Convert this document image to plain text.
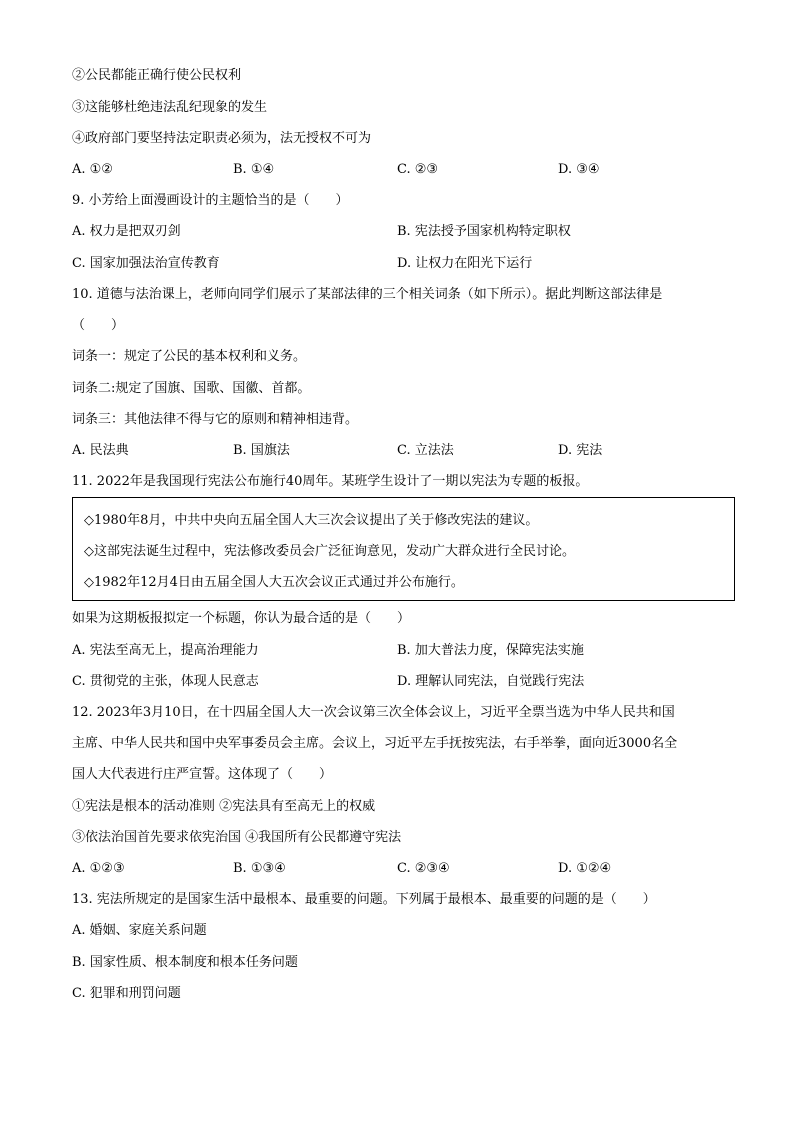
②公民都能正确行使公民权利
③这能够杜绝违法乱纪现象的发生
④政府部门要坚持法定职责必须为，法无授权不可为
A. ①②	B. ①④	C. ②③	D. ③④
9. 小芳给上面漫画设计的主题恰当的是（　　）
A. 权力是把双刃剑	B. 宪法授予国家机构特定职权
C. 国家加强法治宣传教育	D. 让权力在阳光下运行
10. 道德与法治课上，老师向同学们展示了某部法律的三个相关词条（如下所示）。据此判断这部法律是
（　　）
词条一：规定了公民的基本权利和义务。
词条二:规定了国旗、国歌、国徽、首都。
词条三：其他法律不得与它的原则和精神相违背。
A. 民法典	B. 国旗法	C. 立法法	D. 宪法
11. 2022年是我国现行宪法公布施行40周年。某班学生设计了一期以宪法为专题的板报。
◇1980年8月，中共中央向五届全国人大三次会议提出了关于修改宪法的建议。
◇这部宪法诞生过程中，宪法修改委员会广泛征询意见，发动广大群众进行全民讨论。
◇1982年12月4日由五届全国人大五次会议正式通过并公布施行。
如果为这期板报拟定一个标题，你认为最合适的是（　　）
A. 宪法至高无上，提高治理能力	B. 加大普法力度，保障宪法实施
C. 贯彻党的主张，体现人民意志	D. 理解认同宪法，自觉践行宪法
12. 2023年3月10日，在十四届全国人大一次会议第三次全体会议上，习近平全票当选为中华人民共和国
主席、中华人民共和国中央军事委员会主席。会议上，习近平左手抚按宪法，右手举拳，面向近3000名全
国人大代表进行庄严宣誓。这体现了（　　）
①宪法是根本的活动准则 ②宪法具有至高无上的权威
③依法治国首先要求依宪治国 ④我国所有公民都遵守宪法
A. ①②③	B. ①③④	C. ②③④	D. ①②④
13. 宪法所规定的是国家生活中最根本、最重要的问题。下列属于最根本、最重要的问题的是（　　）
A. 婚姻、家庭关系问题
B. 国家性质、根本制度和根本任务问题
C. 犯罪和刑罚问题
